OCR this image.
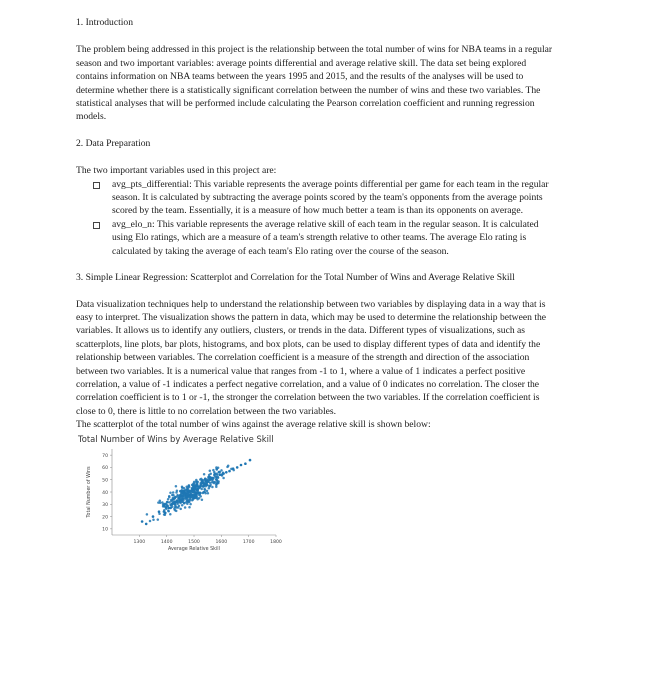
1. Introduction

The problem being addressed in this project is the relationship between the total number of wins for NBA teams in a regular season and two important variables: average points differential and average relative skill. The data set being explored contains information on NBA teams between the years 1995 and 2015, and the results of the analyses will be used to determine whether there is a statistically significant correlation between the number of wins and these two variables. The statistical analyses that will be performed include calculating the Pearson correlation coefficient and running regression models.

2. Data Preparation

The two important variables used in this project are:

avg_pts_differential: This variable represents the average points differential per game for each team in the regular season. It is calculated by subtracting the average points scored by the team's opponents from the average points scored by the team. Essentially, it is a measure of how much better a team is than its opponents on average.
avg_elo_n: This variable represents the average relative skill of each team in the regular season. It is calculated using Elo ratings, which are a measure of a team's strength relative to other teams. The average Elo rating is calculated by taking the average of each team's Elo rating over the course of the season.

3. Simple Linear Regression: Scatterplot and Correlation for the Total Number of Wins and Average Relative Skill

Data visualization techniques help to understand the relationship between two variables by displaying data in a way that is easy to interpret. The visualization shows the pattern in data, which may be used to determine the relationship between the variables. It allows us to identify any outliers, clusters, or trends in the data. Different types of visualizations, such as scatterplots, line plots, bar plots, histograms, and box plots, can be used to display different types of data and identify the relationship between variables. The correlation coefficient is a measure of the strength and direction of the association between two variables. It is a numerical value that ranges from -1 to 1, where a value of 1 indicates a perfect positive correlation, a value of -1 indicates a perfect negative correlation, and a value of 0 indicates no correlation. The closer the correlation coefficient is to 1 or -1, the stronger the correlation between the two variables. If the correlation coefficient is close to 0, there is little to no correlation between the two variables.

The scatterplot of the total number of wins against the average relative skill is shown below:

Total Number of Wins by Average Relative Skill
10
20
30
40
50
60
70
1300	1400	1500	1600	1700	1800
Average Relative Skill
Total Number of Wins
